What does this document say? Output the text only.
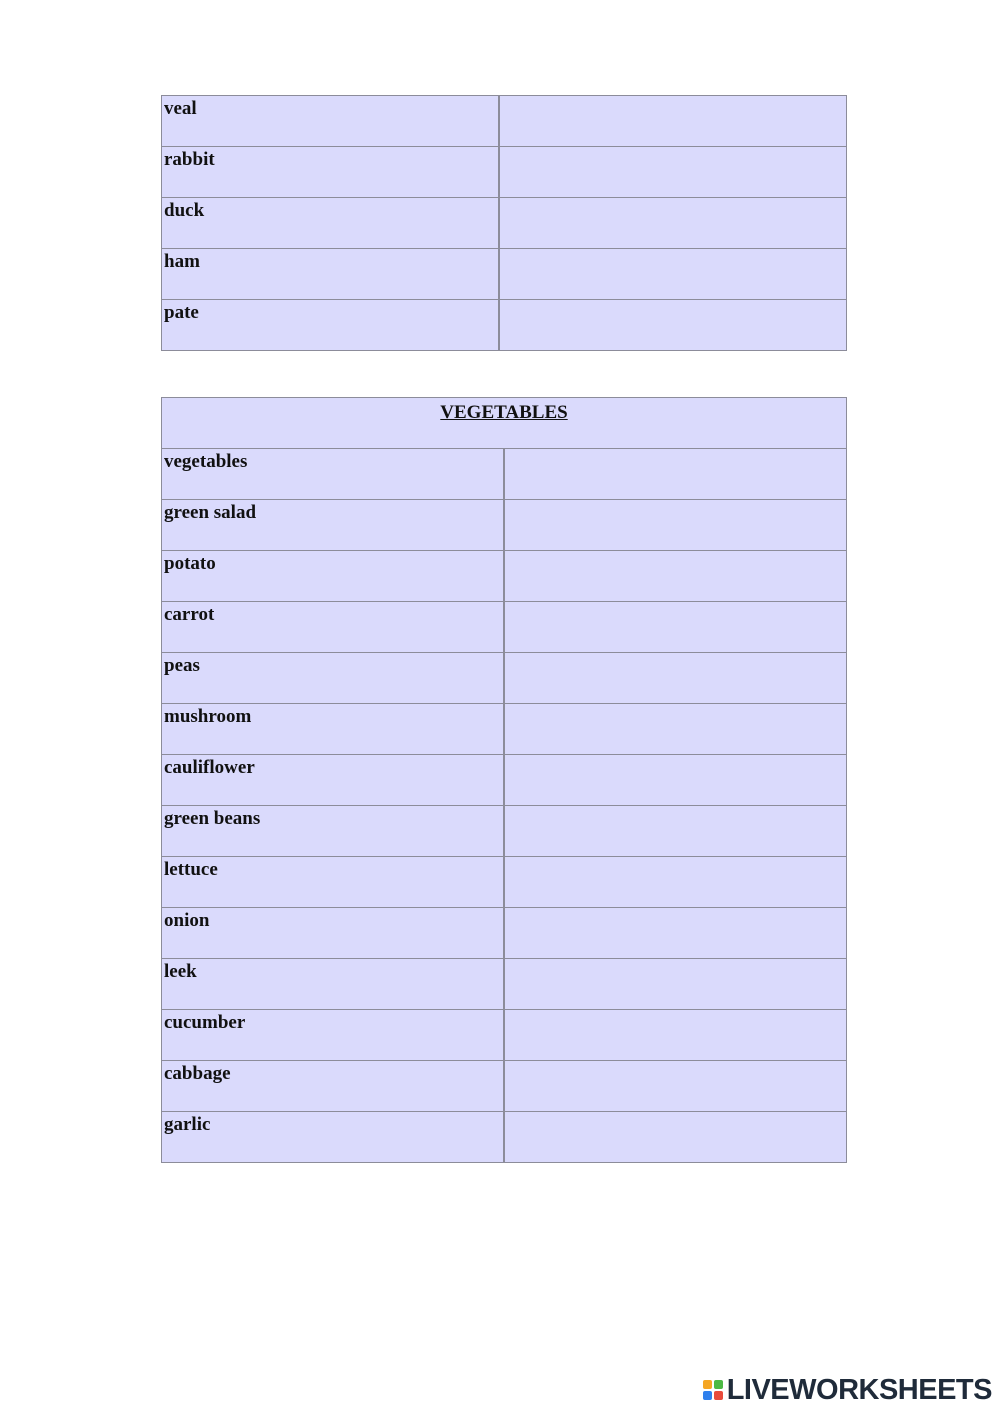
veal	

rabbit	

duck	

ham	

pate	

VEGETABLES	

vegetables	

green salad	

potato	

carrot	

peas	

mushroom	

cauliflower	

green beans	

lettuce	

onion	

leek	

cucumber	

cabbage	

garlic	

LIVEWORKSHEETS
